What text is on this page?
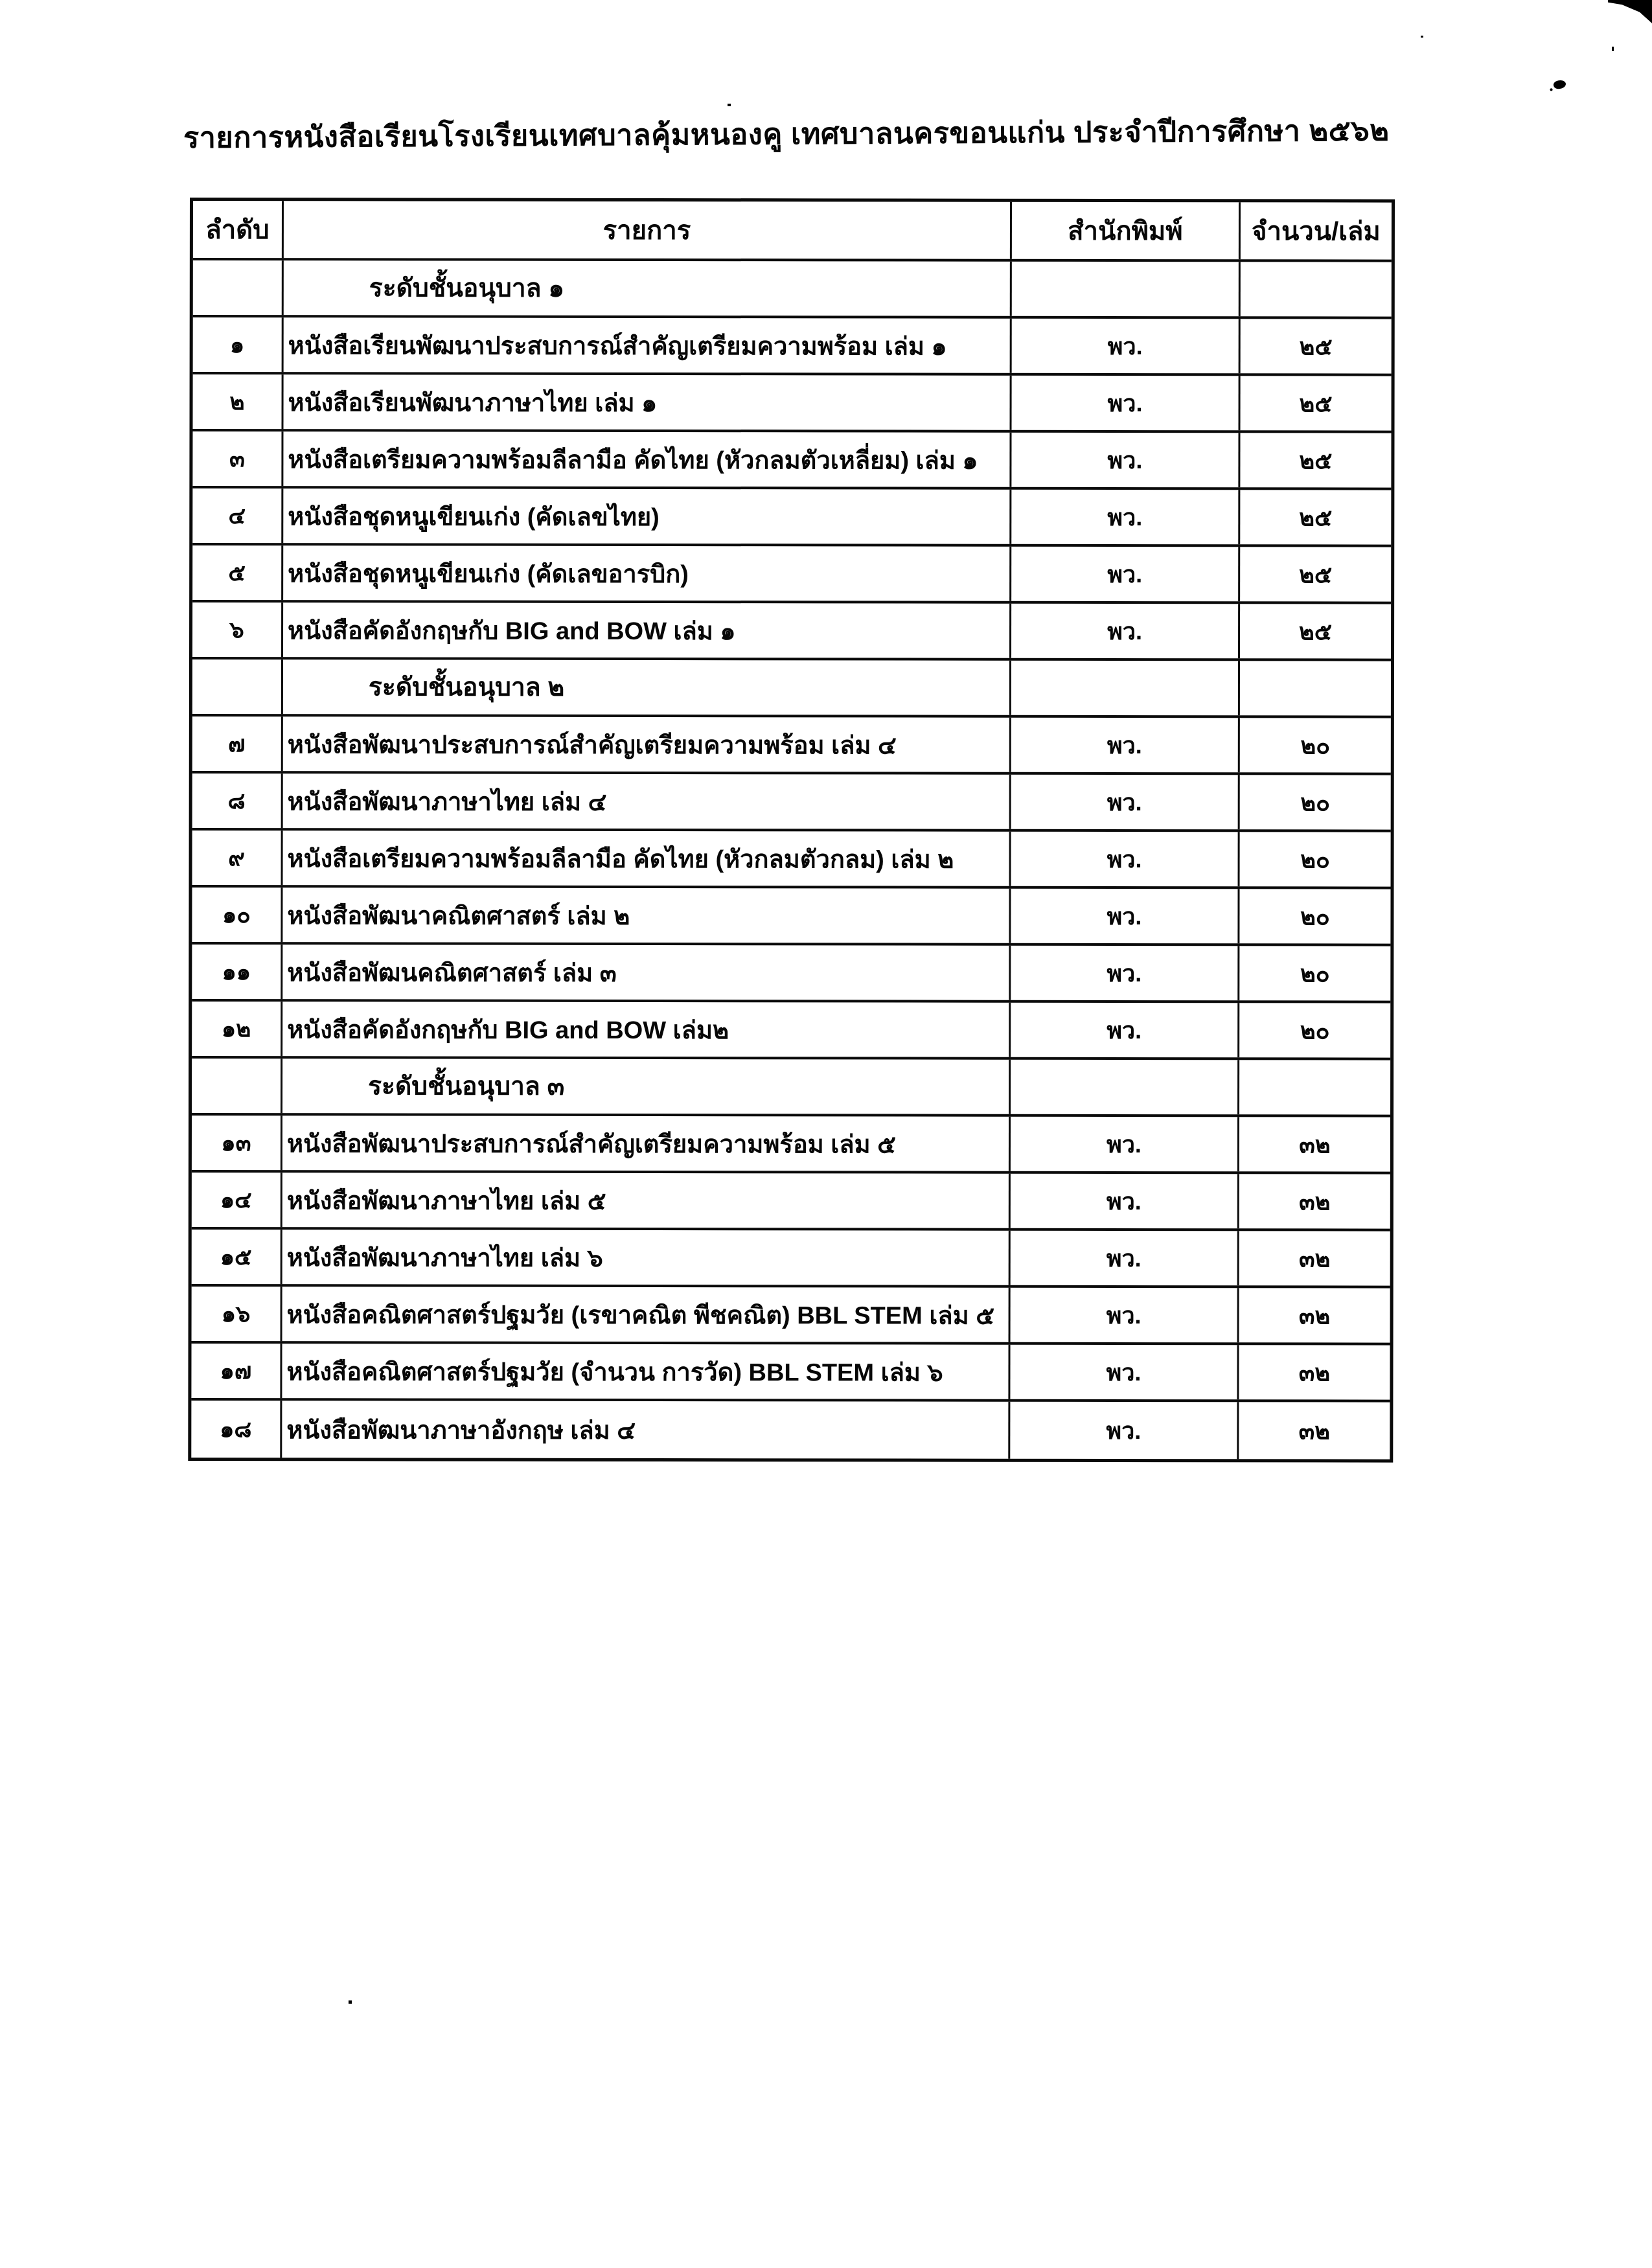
รายการหนังสือเรียนโรงเรียนเทศบาลคุ้มหนองคู เทศบาลนครขอนแก่น ประจำปีการศึกษา ๒๕๖๒
ลำดับ	รายการ	สำนักพิมพ์	จำนวน/เล่ม
ระดับชั้นอนุบาล ๑
๑	หนังสือเรียนพัฒนาประสบการณ์สำคัญเตรียมความพร้อม เล่ม ๑	พว.	๒๕
๒	หนังสือเรียนพัฒนาภาษาไทย เล่ม ๑	พว.	๒๕
๓	หนังสือเตรียมความพร้อมลีลามือ คัดไทย (หัวกลมตัวเหลี่ยม) เล่ม ๑	พว.	๒๕
๔	หนังสือชุดหนูเขียนเก่ง (คัดเลขไทย)	พว.	๒๕
๕	หนังสือชุดหนูเขียนเก่ง (คัดเลขอารบิก)	พว.	๒๕
๖	หนังสือคัดอังกฤษกับ BIG and BOW เล่ม ๑	พว.	๒๕
ระดับชั้นอนุบาล ๒
๗	หนังสือพัฒนาประสบการณ์สำคัญเตรียมความพร้อม เล่ม ๔	พว.	๒๐
๘	หนังสือพัฒนาภาษาไทย เล่ม ๔	พว.	๒๐
๙	หนังสือเตรียมความพร้อมลีลามือ คัดไทย (หัวกลมตัวกลม) เล่ม ๒	พว.	๒๐
๑๐	หนังสือพัฒนาคณิตศาสตร์ เล่ม ๒	พว.	๒๐
๑๑	หนังสือพัฒนคณิตศาสตร์ เล่ม ๓	พว.	๒๐
๑๒	หนังสือคัดอังกฤษกับ BIG and BOW เล่ม๒	พว.	๒๐
ระดับชั้นอนุบาล ๓
๑๓	หนังสือพัฒนาประสบการณ์สำคัญเตรียมความพร้อม เล่ม ๕	พว.	๓๒
๑๔	หนังสือพัฒนาภาษาไทย เล่ม ๕	พว.	๓๒
๑๕	หนังสือพัฒนาภาษาไทย เล่ม ๖	พว.	๓๒
๑๖	หนังสือคณิตศาสตร์ปฐมวัย (เรขาคณิต พีชคณิต) BBL STEM เล่ม ๕	พว.	๓๒
๑๗	หนังสือคณิตศาสตร์ปฐมวัย (จำนวน การวัด) BBL STEM เล่ม ๖	พว.	๓๒
๑๘	หนังสือพัฒนาภาษาอังกฤษ เล่ม ๔	พว.	๓๒
